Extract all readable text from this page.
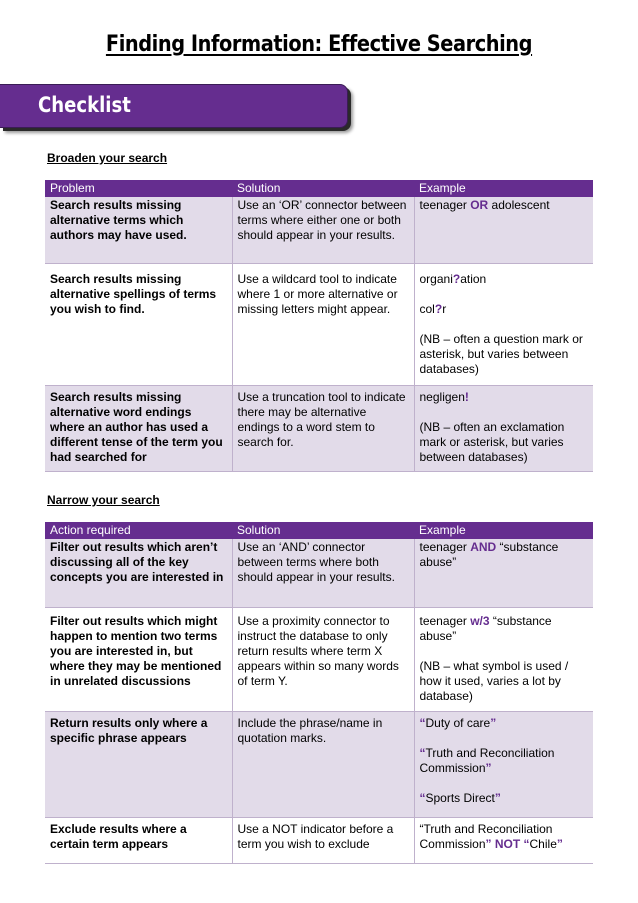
Finding Information: Effective Searching
Checklist
Broaden your search
Problem	Solution	Example
Search results missing alternative terms which authors may have used.	Use an ‘OR’ connector between terms where either one or both should appear in your results.	teenager OR adolescent
Search results missing alternative spellings of terms you wish to find.	Use a wildcard tool to indicate where 1 or more alternative or missing letters might appear.	organi?ation
col?r
(NB – often a question mark or asterisk, but varies between databases)
Search results missing alternative word endings where an author has used a different tense of the term you had searched for	Use a truncation tool to indicate there may be alternative endings to a word stem to search for.	negligen!
(NB – often an exclamation mark or asterisk, but varies between databases)
Narrow your search
Action required	Solution	Example
Filter out results which aren’t discussing all of the key concepts you are interested in	Use an ‘AND’ connector between terms where both should appear in your results.	teenager AND “substance abuse”
Filter out results which might happen to mention two terms you are interested in, but where they may be mentioned in unrelated discussions	Use a proximity connector to instruct the database to only return results where term X appears within so many words of term Y.	teenager w/3 “substance abuse”
(NB – what symbol is used / how it used, varies a lot by database)
Return results only where a specific phrase appears	Include the phrase/name in quotation marks.	“Duty of care”
“Truth and Reconciliation Commission”
“Sports Direct”
Exclude results where a certain term appears	Use a NOT indicator before a term you wish to exclude	“Truth and Reconciliation Commission” NOT “Chile”
